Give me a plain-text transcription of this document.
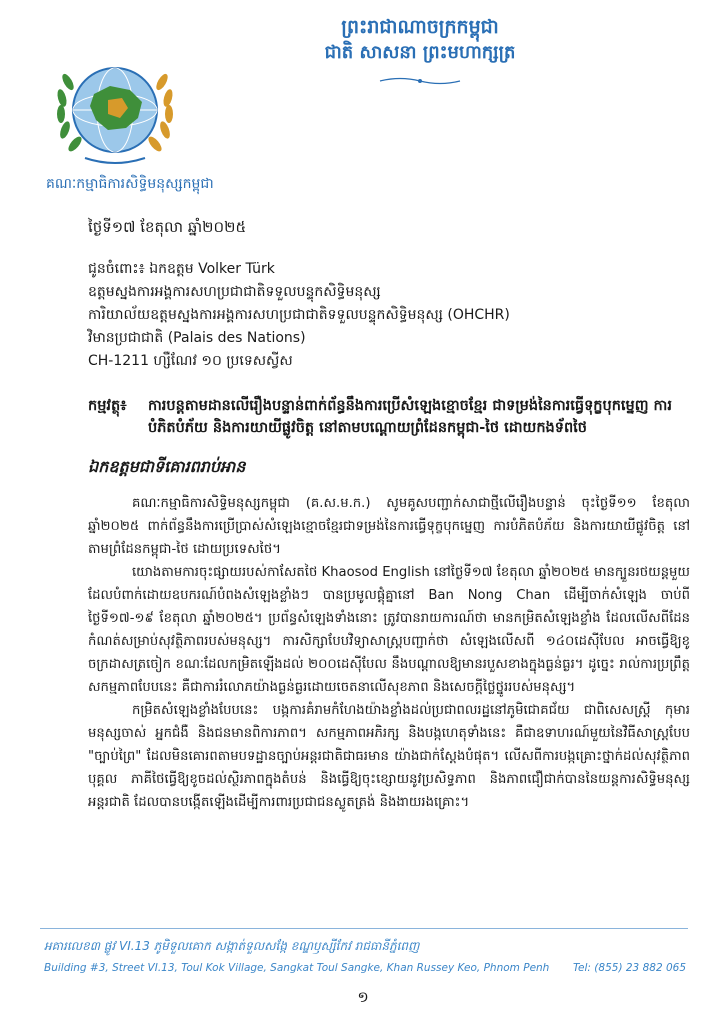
ព្រះរាជាណាចក្រកម្ពុជា
ជាតិ សាសនា ព្រះមហាក្សត្រ
គណៈកម្មាធិការសិទ្ធិមនុស្សកម្ពុជា
ថ្ងៃទី១៧ ខែតុលា ឆ្នាំ២០២៥
ជូនចំពោះ៖ ឯកឧត្តម Volker Türk
ឧត្តមស្នងការអង្គការសហប្រជាជាតិទទួលបន្ទុកសិទ្ធិមនុស្ស
ការិយាល័យឧត្តមស្នងការអង្គការសហប្រជាជាតិទទួលបន្ទុកសិទ្ធិមនុស្ស (OHCHR)
វិមានប្រជាជាតិ (Palais des Nations)
CH-1211 ហ្សឺណែវ ១០ ប្រទេសស្វីស
កម្មវត្ថុ៖ ការបន្តតាមដានលើរឿងបន្ទាន់ពាក់ព័ន្ធនឹងការប្រើសំឡេងខ្មោចខ្មែរ ជាទម្រង់នៃការធ្វើទុក្ខបុកម្នេញ ការបំភិតបំភ័យ និងការយាយីផ្លូវចិត្ត នៅតាមបណ្ដោយព្រំដែនកម្ពុជា-ថៃ ដោយកងទ័ពថៃ
ឯកឧត្តមជាទីគោរពរាប់អាន

គណៈកម្មាធិការសិទ្ធិមនុស្សកម្ពុជា (គ.ស.ម.ក.) សូមគូសបញ្ជាក់សាជាថ្មីលើរឿងបន្ទាន់ ចុះថ្ងៃទី១១ ខែតុលា ឆ្នាំ២០២៥ ពាក់ព័ន្ធនឹងការប្រើប្រាស់សំឡេងខ្មោចខ្មែរជាទម្រង់នៃការធ្វើទុក្ខបុកម្នេញ ការបំភិតបំភ័យ និងការយាយីផ្លូវចិត្ត នៅតាមព្រំដែនកម្ពុជា-ថៃ ដោយប្រទេសថៃ។

យោងតាមការចុះផ្សាយរបស់កាសែតថៃ Khaosod English នៅថ្ងៃទី១៧ ខែតុលា ឆ្នាំ២០២៥ មានក្បួនរថយន្តមួយ ដែលបំពាក់ដោយឧបករណ៍បំពងសំឡេងខ្លាំងៗ បានប្រមូលផ្តុំគ្នានៅ Ban Nong Chan ដើម្បីចាក់សំឡេង ចាប់ពីថ្ងៃទី១៧-១៩ ខែតុលា ឆ្នាំ២០២៥។ ប្រព័ន្ធសំឡេងទាំងនោះ ត្រូវបានរាយការណ៍ថា មានកម្រិតសំឡេងខ្លាំង ដែលលើសពីដែនកំណត់សម្រាប់សុវត្ថិភាពរបស់មនុស្ស។ ការសិក្សាបែបវិទ្យាសាស្ត្របញ្ជាក់ថា សំឡេងលើសពី ១៤០ដេស៊ីបែល អាចធ្វើឱ្យខូចក្រដាសត្រចៀក ខណៈដែលកម្រិតឡើងដល់ ២០០ដេស៊ីបែល នឹងបណ្តាលឱ្យមានរបួសខាងក្នុងធ្ងន់ធ្ងរ។ ដូច្នេះ រាល់ការប្រព្រឹត្តសកម្មភាពបែបនេះ គឺជាការរំលោភយ៉ាងធ្ងន់ធ្ងរដោយចេតនាលើសុខភាព និងសេចក្តីថ្លៃថ្នូររបស់មនុស្ស។

កម្រិតសំឡេងខ្លាំងបែបនេះ បង្កការគំរាមកំហែងយ៉ាងខ្លាំងដល់ប្រជាពលរដ្ឋនៅភូមិជោគជ័យ ជាពិសេសស្ត្រី កុមារ មនុស្សចាស់ អ្នកជំងឺ និងជនមានពិការភាព។ សកម្មភាពអភិរក្ស និងបង្កហេតុទាំងនេះ គឺជាឧទាហរណ៍មួយនៃវិធីសាស្ត្របែប "ច្បាប់ព្រៃ" ដែលមិនគោរពតាមបទដ្ឋានច្បាប់អន្តរជាតិជាធរមាន យ៉ាងជាក់ស្តែងបំផុត។ លើសពីការបង្កគ្រោះថ្នាក់ដល់សុវត្ថិភាពបុគ្គល ភាគីថៃធ្វើឱ្យខូចដល់ស្ថិរភាពក្នុងតំបន់ និងធ្វើឱ្យចុះខ្សោយនូវប្រសិទ្ធភាព និងភាពជឿជាក់បាននៃយន្តការសិទ្ធិមនុស្សអន្តរជាតិ ដែលបានបង្កើតឡើងដើម្បីការពារប្រជាជនស្លូតត្រង់ និងងាយរងគ្រោះ។

អគារលេខ៣ ផ្លូវ VI.13 ភូមិទួលគោក សង្កាត់ទួលសង្កែ ខណ្ឌឫស្សីកែវ រាជធានីភ្នំពេញ
Building #3, Street VI.13, Toul Kok Village, Sangkat Toul Sangke, Khan Russey Keo, Phnom Penh Tel: (855) 23 882 065
១
